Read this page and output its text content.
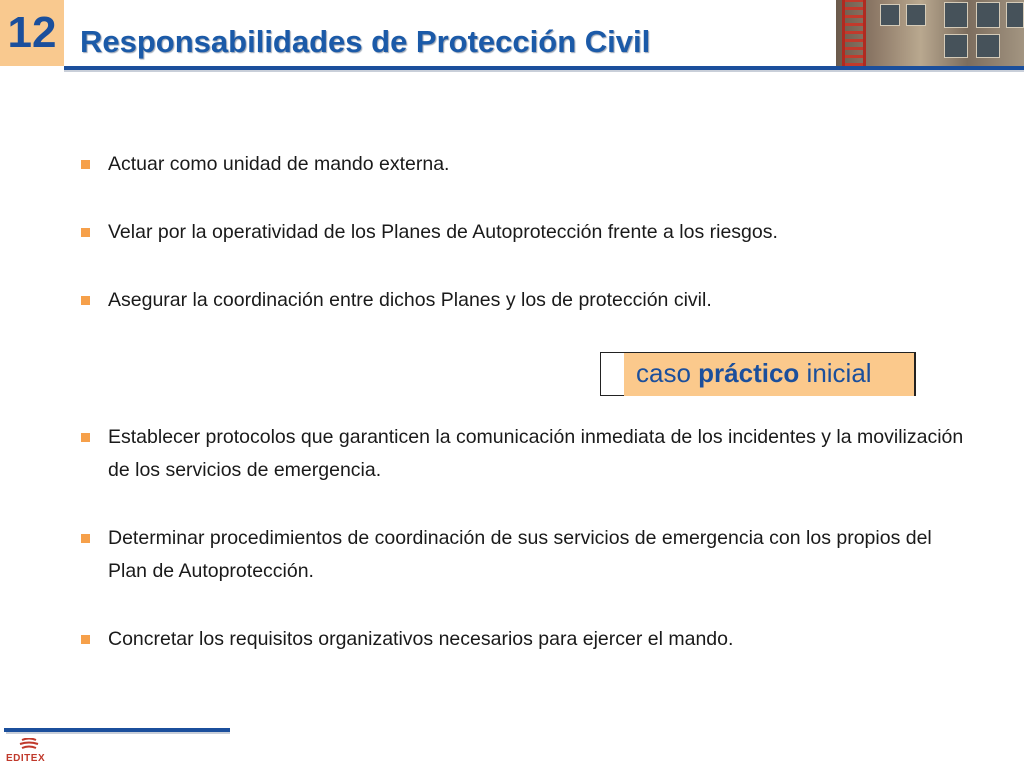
12 Responsabilidades de Protección Civil
Actuar como unidad de mando externa.
Velar por la operatividad de los Planes de Autoprotección frente a los riesgos.
Asegurar la coordinación entre dichos Planes y los de protección civil.
Establecer protocolos que garanticen la comunicación inmediata de los incidentes y la movilización de los servicios de emergencia.
Determinar procedimientos de coordinación de sus servicios de emergencia con los propios del Plan de Autoprotección.
Concretar los requisitos organizativos necesarios para ejercer el mando.
caso práctico inicial
EDITEX
